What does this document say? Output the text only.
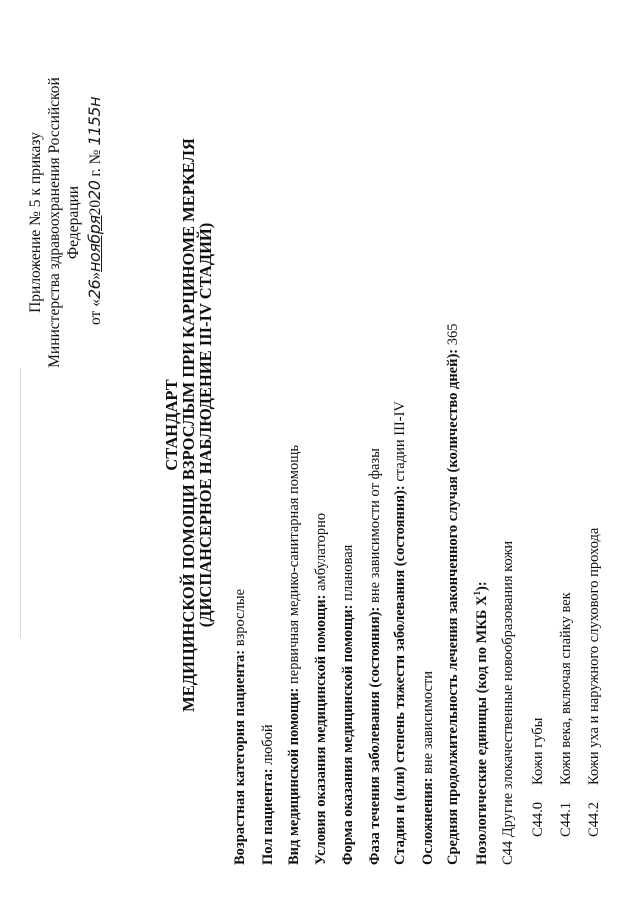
Приложение № 5 к приказу Министерства здравоохранения Российской Федерации
от «26»ноября2020 г. № 1155н
СТАНДАРТ
МЕДИЦИНСКОЙ ПОМОЩИ ВЗРОСЛЫМ ПРИ КАРЦИНОМЕ МЕРКЕЛЯ
(ДИСПАНСЕРНОЕ НАБЛЮДЕНИЕ III-IV СТАДИЙ)
Возрастная категория пациента: взрослые
Пол пациента: любой Вид медицинской помощи: первичная медико-санитарная помощь
Условия оказания медицинской помощи: амбулаторно
Форма оказания медицинской помощи: плановая
Фаза течения заболевания (состояния): вне зависимости от фазы Стадия и (или) степень тяжести заболевания (состояния): стадии III-IV
Осложнения: вне зависимости Средняя продолжительность лечения законченного случая (количество дней): 365
Нозологические единицы (код по МКБ $X^1$): C44 Другие злокачественные новообразования кожи C44.0
Кожи губы
C44.1
Кожи века, включая спайку век
C44.2
Кожи уха и наружного слухового прохода
